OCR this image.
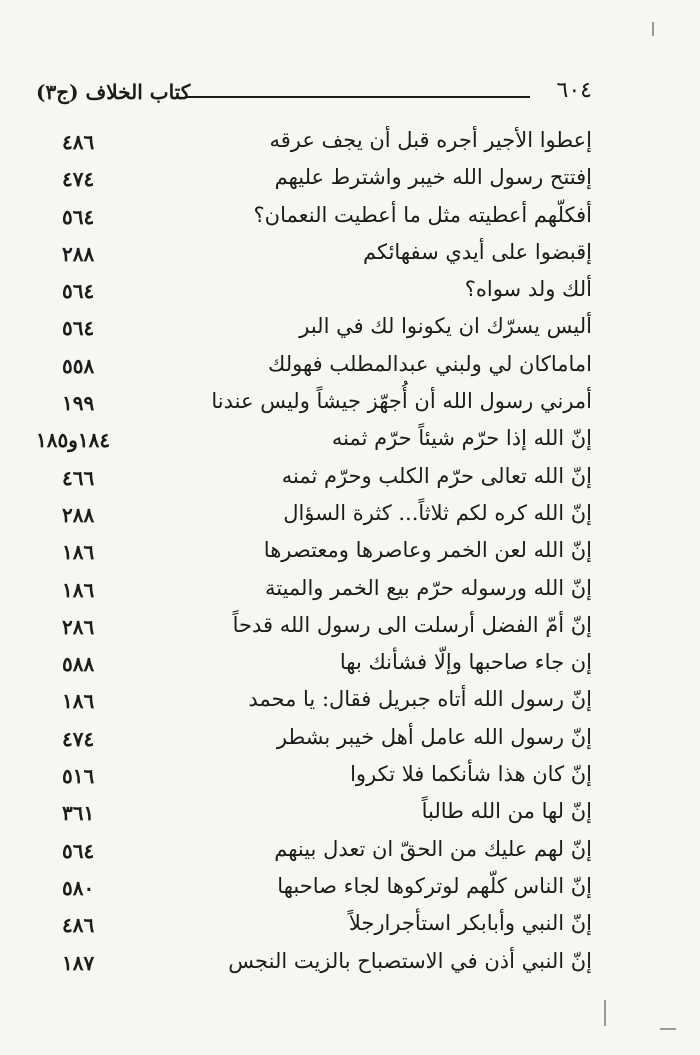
٦٠٤
كتاب الخلاف (ج٣)
إعطوا الأجير أجره قبل أن يجف عرقه
٤٨٦
إفتتح رسول الله خيبر واشترط عليهم
٤٧٤
أفكلّهم أعطيته مثل ما أعطيت النعمان؟
٥٦٤
إقبضوا على أيدي سفهائكم
٢٨٨
ألك ولد سواه؟
٥٦٤
أليس يسرّك ان يكونوا لك في البر
٥٦٤
اماماكان لي ولبني عبدالمطلب فهولك
٥٥٨
أمرني رسول الله أن أُجهّز جيشاً وليس عندنا
١٩٩
إنّ الله إذا حرّم شيئاً حرّم ثمنه
١٨٤و١٨٥
إنّ الله تعالى حرّم الكلب وحرّم ثمنه
٤٦٦
إنّ الله كره لكم ثلاثاً... كثرة السؤال
٢٨٨
إنّ الله لعن الخمر وعاصرها ومعتصرها
١٨٦
إنّ الله ورسوله حرّم بيع الخمر والميتة
١٨٦
إنّ أمّ الفضل أرسلت الى رسول الله قدحاً
٢٨٦
إن جاء صاحبها وإلّا فشأنك بها
٥٨٨
إنّ رسول الله أتاه جبريل فقال: يا محمد
١٨٦
إنّ رسول الله عامل أهل خيبر بشطر
٤٧٤
إنّ كان هذا شأنكما فلا تكروا
٥١٦
إنّ لها من الله طالباً
٣٦١
إنّ لهم عليك من الحقّ ان تعدل بينهم
٥٦٤
إنّ الناس كلّهم لوتركوها لجاء صاحبها
٥٨٠
إنّ النبي وأبابكر استأجرارجلاً
٤٨٦
إنّ النبي أذن في الاستصباح بالزيت النجس
١٨٧
